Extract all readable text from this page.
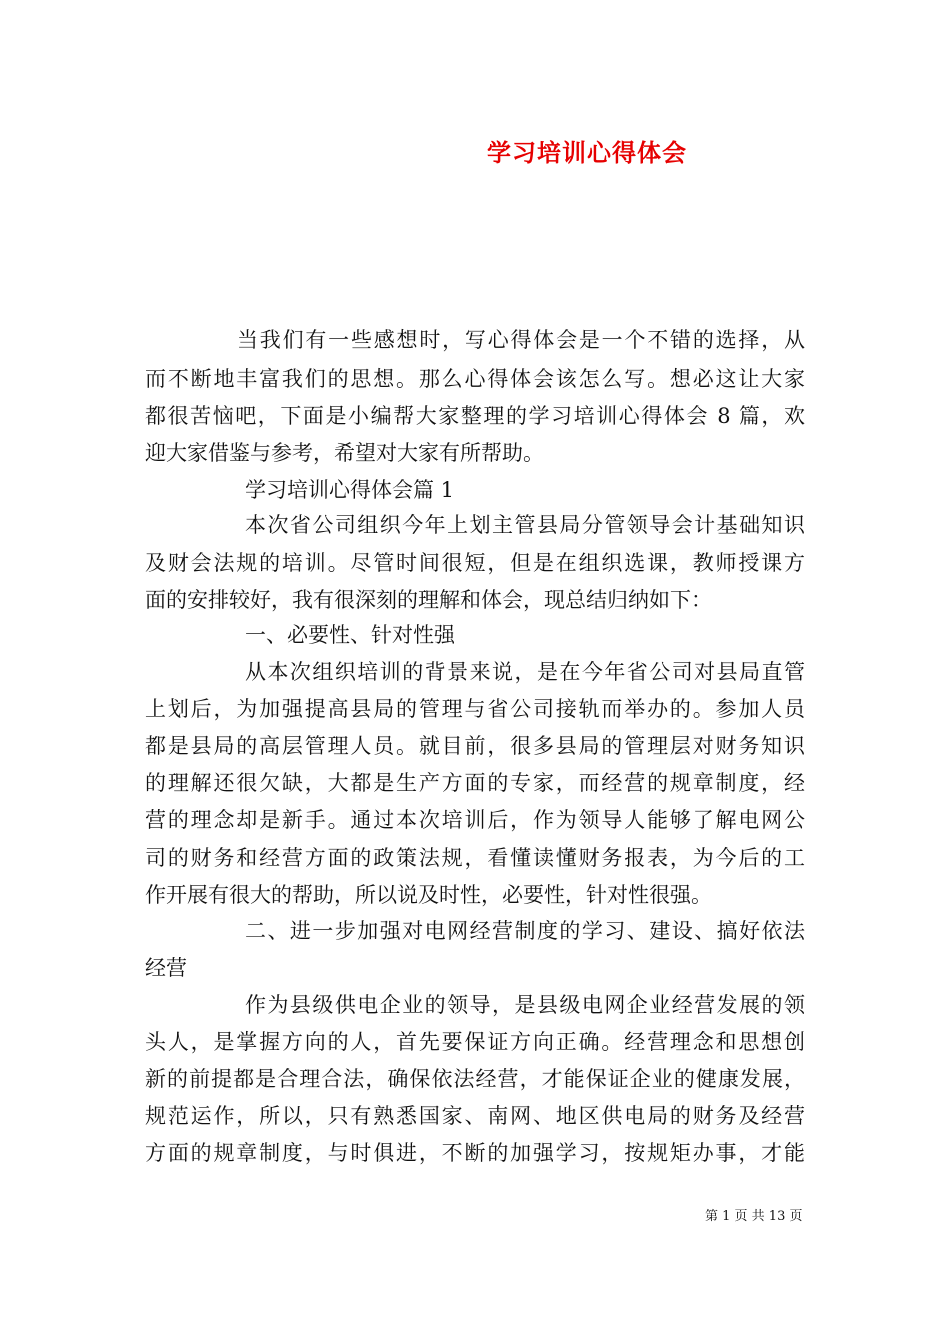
学习培训心得体会

当我们有一些感想时，写心得体会是一个不错的选择，从

而不断地丰富我们的思想。那么心得体会该怎么写。想必这让大家

都很苦恼吧，下面是小编帮大家整理的学习培训心得体会 8 篇，欢

迎大家借鉴与参考，希望对大家有所帮助。

学习培训心得体会篇 1

本次省公司组织今年上划主管县局分管领导会计基础知识

及财会法规的培训。尽管时间很短，但是在组织选课，教师授课方

面的安排较好，我有很深刻的理解和体会，现总结归纳如下：

一、必要性、针对性强

从本次组织培训的背景来说，是在今年省公司对县局直管

上划后，为加强提高县局的管理与省公司接轨而举办的。参加人员

都是县局的高层管理人员。就目前，很多县局的管理层对财务知识

的理解还很欠缺，大都是生产方面的专家，而经营的规章制度，经

营的理念却是新手。通过本次培训后，作为领导人能够了解电网公

司的财务和经营方面的政策法规，看懂读懂财务报表，为今后的工

作开展有很大的帮助，所以说及时性，必要性，针对性很强。

二、进一步加强对电网经营制度的学习、建设、搞好依法

经营

作为县级供电企业的领导，是县级电网企业经营发展的领

头人，是掌握方向的人，首先要保证方向正确。经营理念和思想创

新的前提都是合理合法，确保依法经营，才能保证企业的健康发展，

规范运作，所以，只有熟悉国家、南网、地区供电局的财务及经营

方面的规章制度，与时俱进，不断的加强学习，按规矩办事，才能

第 1 页 共 13 页
